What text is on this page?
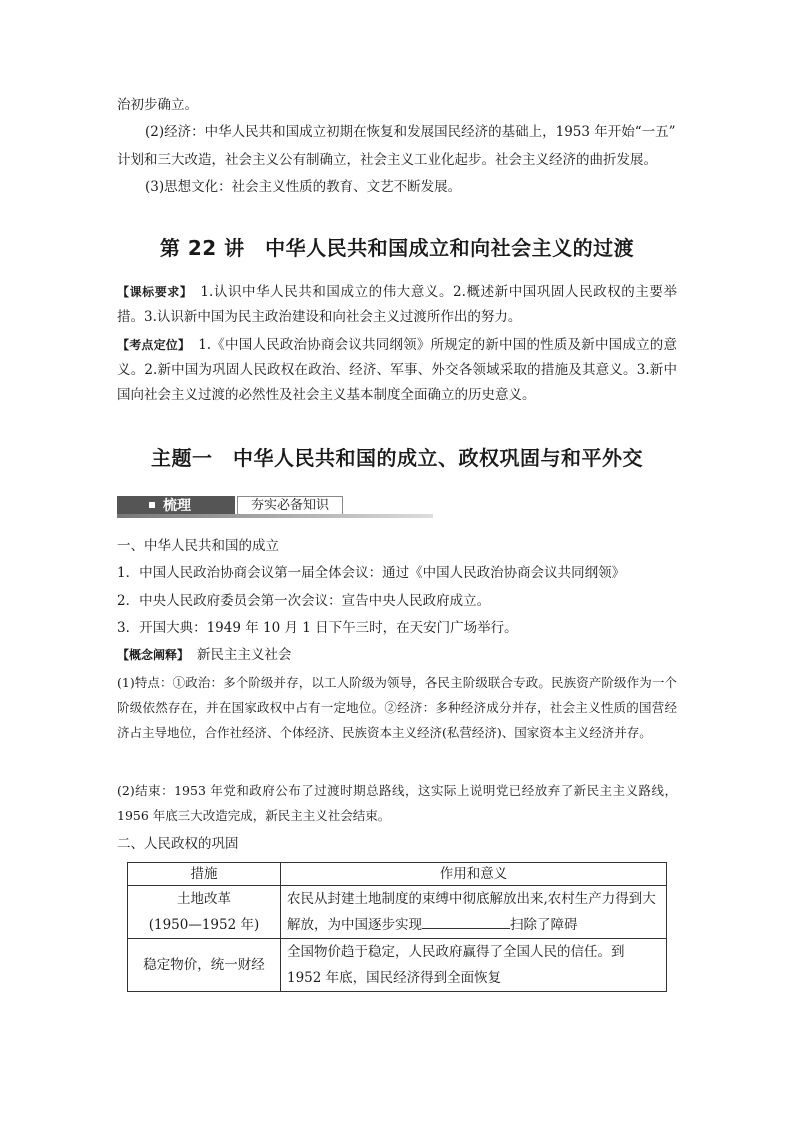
治初步确立。
(2)经济：中华人民共和国成立初期在恢复和发展国民经济的基础上，1953 年开始“一五”
计划和三大改造，社会主义公有制确立，社会主义工业化起步。社会主义经济的曲折发展。
(3)思想文化：社会主义性质的教育、文艺不断发展。
第 22 讲　中华人民共和国成立和向社会主义的过渡
【课标要求】 1.认识中华人民共和国成立的伟大意义。2.概述新中国巩固人民政权的主要举措。3.认识新中国为民主政治建设和向社会主义过渡所作出的努力。
【考点定位】 1.《中国人民政治协商会议共同纲领》所规定的新中国的性质及新中国成立的意义。2.新中国为巩固人民政权在政治、经济、军事、外交各领域采取的措施及其意义。3.新中国向社会主义过渡的必然性及社会主义基本制度全面确立的历史意义。
主题一　中华人民共和国的成立、政权巩固与和平外交
梳理	夯实必备知识
一、中华人民共和国的成立
1．中国人民政治协商会议第一届全体会议：通过《中国人民政治协商会议共同纲领》
2．中央人民政府委员会第一次会议：宣告中央人民政府成立。
3．开国大典：1949 年 10 月 1 日下午三时，在天安门广场举行。
【概念阐释】 新民主主义社会
(1)特点：①政治：多个阶级并存，以工人阶级为领导，各民主阶级联合专政。民族资产阶级作为一个阶级依然存在，并在国家政权中占有一定地位。②经济：多种经济成分并存，社会主义性质的国营经济占主导地位，合作社经济、个体经济、民族资本主义经济(私营经济)、国家资本主义经济并存。
(2)结束：1953 年党和政府公布了过渡时期总路线，这实际上说明党已经放弃了新民主主义路线，1956 年底三大改造完成，新民主主义社会结束。
二、人民政权的巩固
措施	作用和意义

土地改革
(1950—1952 年)	农民从封建土地制度的束缚中彻底解放出来,农村生产力得到大解放，为中国逐步实现 扫除了障碍
稳定物价，统一财经	全国物价趋于稳定，人民政府赢得了全国人民的信任。到 1952 年底，国民经济得到全面恢复
